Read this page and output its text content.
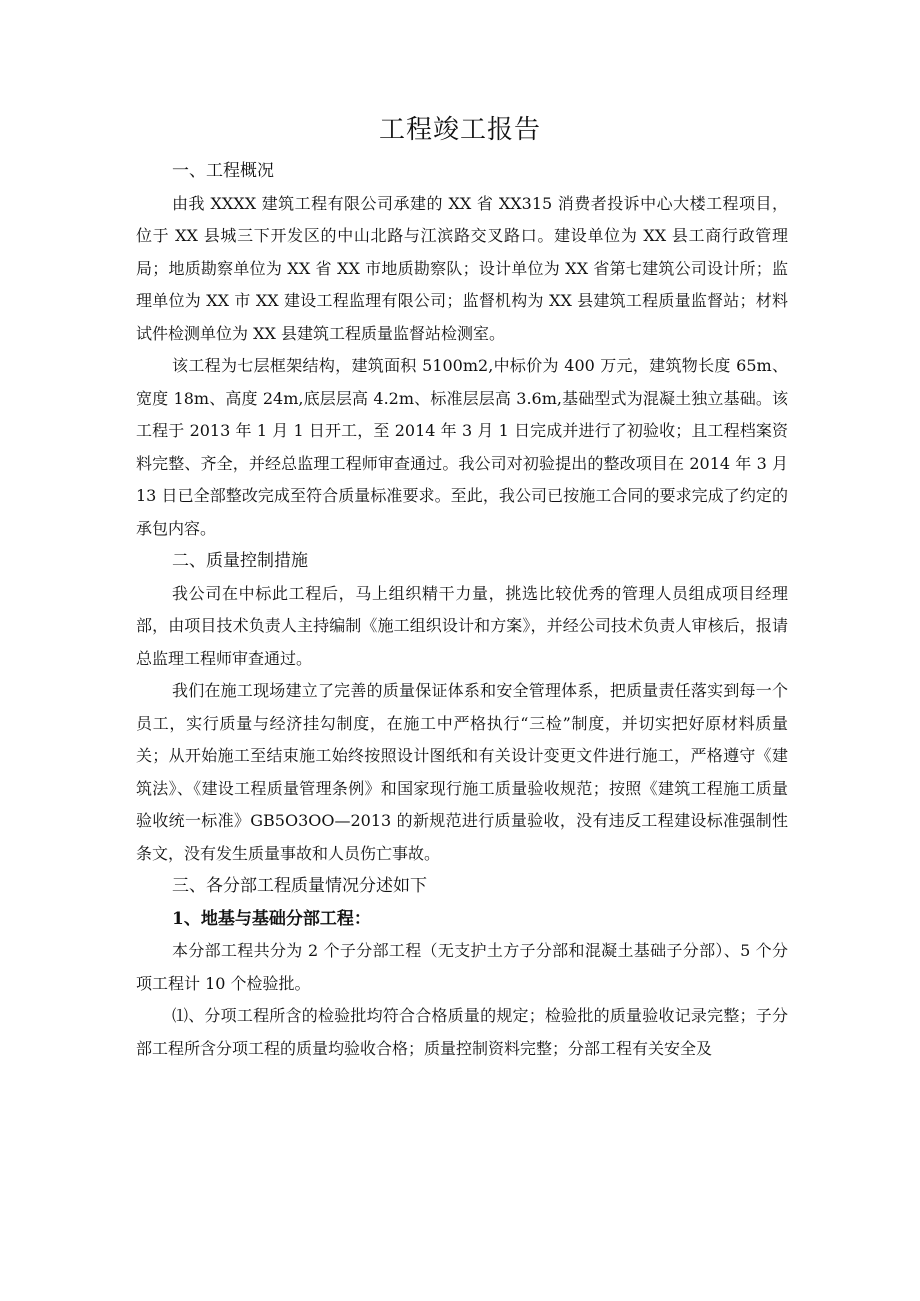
工程竣工报告
一、工程概况
由我 XXXX 建筑工程有限公司承建的 XX 省 XX315 消费者投诉中心大楼工程项目，位于 XX 县城三下开发区的中山北路与江滨路交叉路口。建设单位为 XX 县工商行政管理局；地质勘察单位为 XX 省 XX 市地质勘察队；设计单位为 XX 省第七建筑公司设计所；监理单位为 XX 市 XX 建设工程监理有限公司；监督机构为 XX 县建筑工程质量监督站；材料试件检测单位为 XX 县建筑工程质量监督站检测室。
该工程为七层框架结构，建筑面积 5100m2,中标价为 400 万元，建筑物长度 65m、宽度 18m、高度 24m,底层层高 4.2m、标准层层高 3.6m,基础型式为混凝土独立基础。该工程于 2013 年 1 月 1 日开工，至 2014 年 3 月 1 日完成并进行了初验收；且工程档案资料完整、齐全，并经总监理工程师审查通过。我公司对初验提出的整改项目在 2014 年 3 月 13 日已全部整改完成至符合质量标准要求。至此，我公司已按施工合同的要求完成了约定的承包内容。
二、质量控制措施
我公司在中标此工程后，马上组织精干力量，挑选比较优秀的管理人员组成项目经理部，由项目技术负责人主持编制《施工组织设计和方案》，并经公司技术负责人审核后，报请总监理工程师审查通过。
我们在施工现场建立了完善的质量保证体系和安全管理体系，把质量责任落实到每一个员工，实行质量与经济挂勾制度，在施工中严格执行“三检”制度，并切实把好原材料质量关；从开始施工至结束施工始终按照设计图纸和有关设计变更文件进行施工，严格遵守《建筑法》、《建设工程质量管理条例》和国家现行施工质量验收规范；按照《建筑工程施工质量验收统一标准》GB5O3OO—2013 的新规范进行质量验收，没有违反工程建设标准强制性条文，没有发生质量事故和人员伤亡事故。
三、各分部工程质量情况分述如下
1、地基与基础分部工程：
本分部工程共分为 2 个子分部工程（无支护土方子分部和混凝土基础子分部）、5 个分项工程计 10 个检验批。
⑴、分项工程所含的检验批均符合合格质量的规定；检验批的质量验收记录完整；子分部工程所含分项工程的质量均验收合格；质量控制资料完整；分部工程有关安全及
